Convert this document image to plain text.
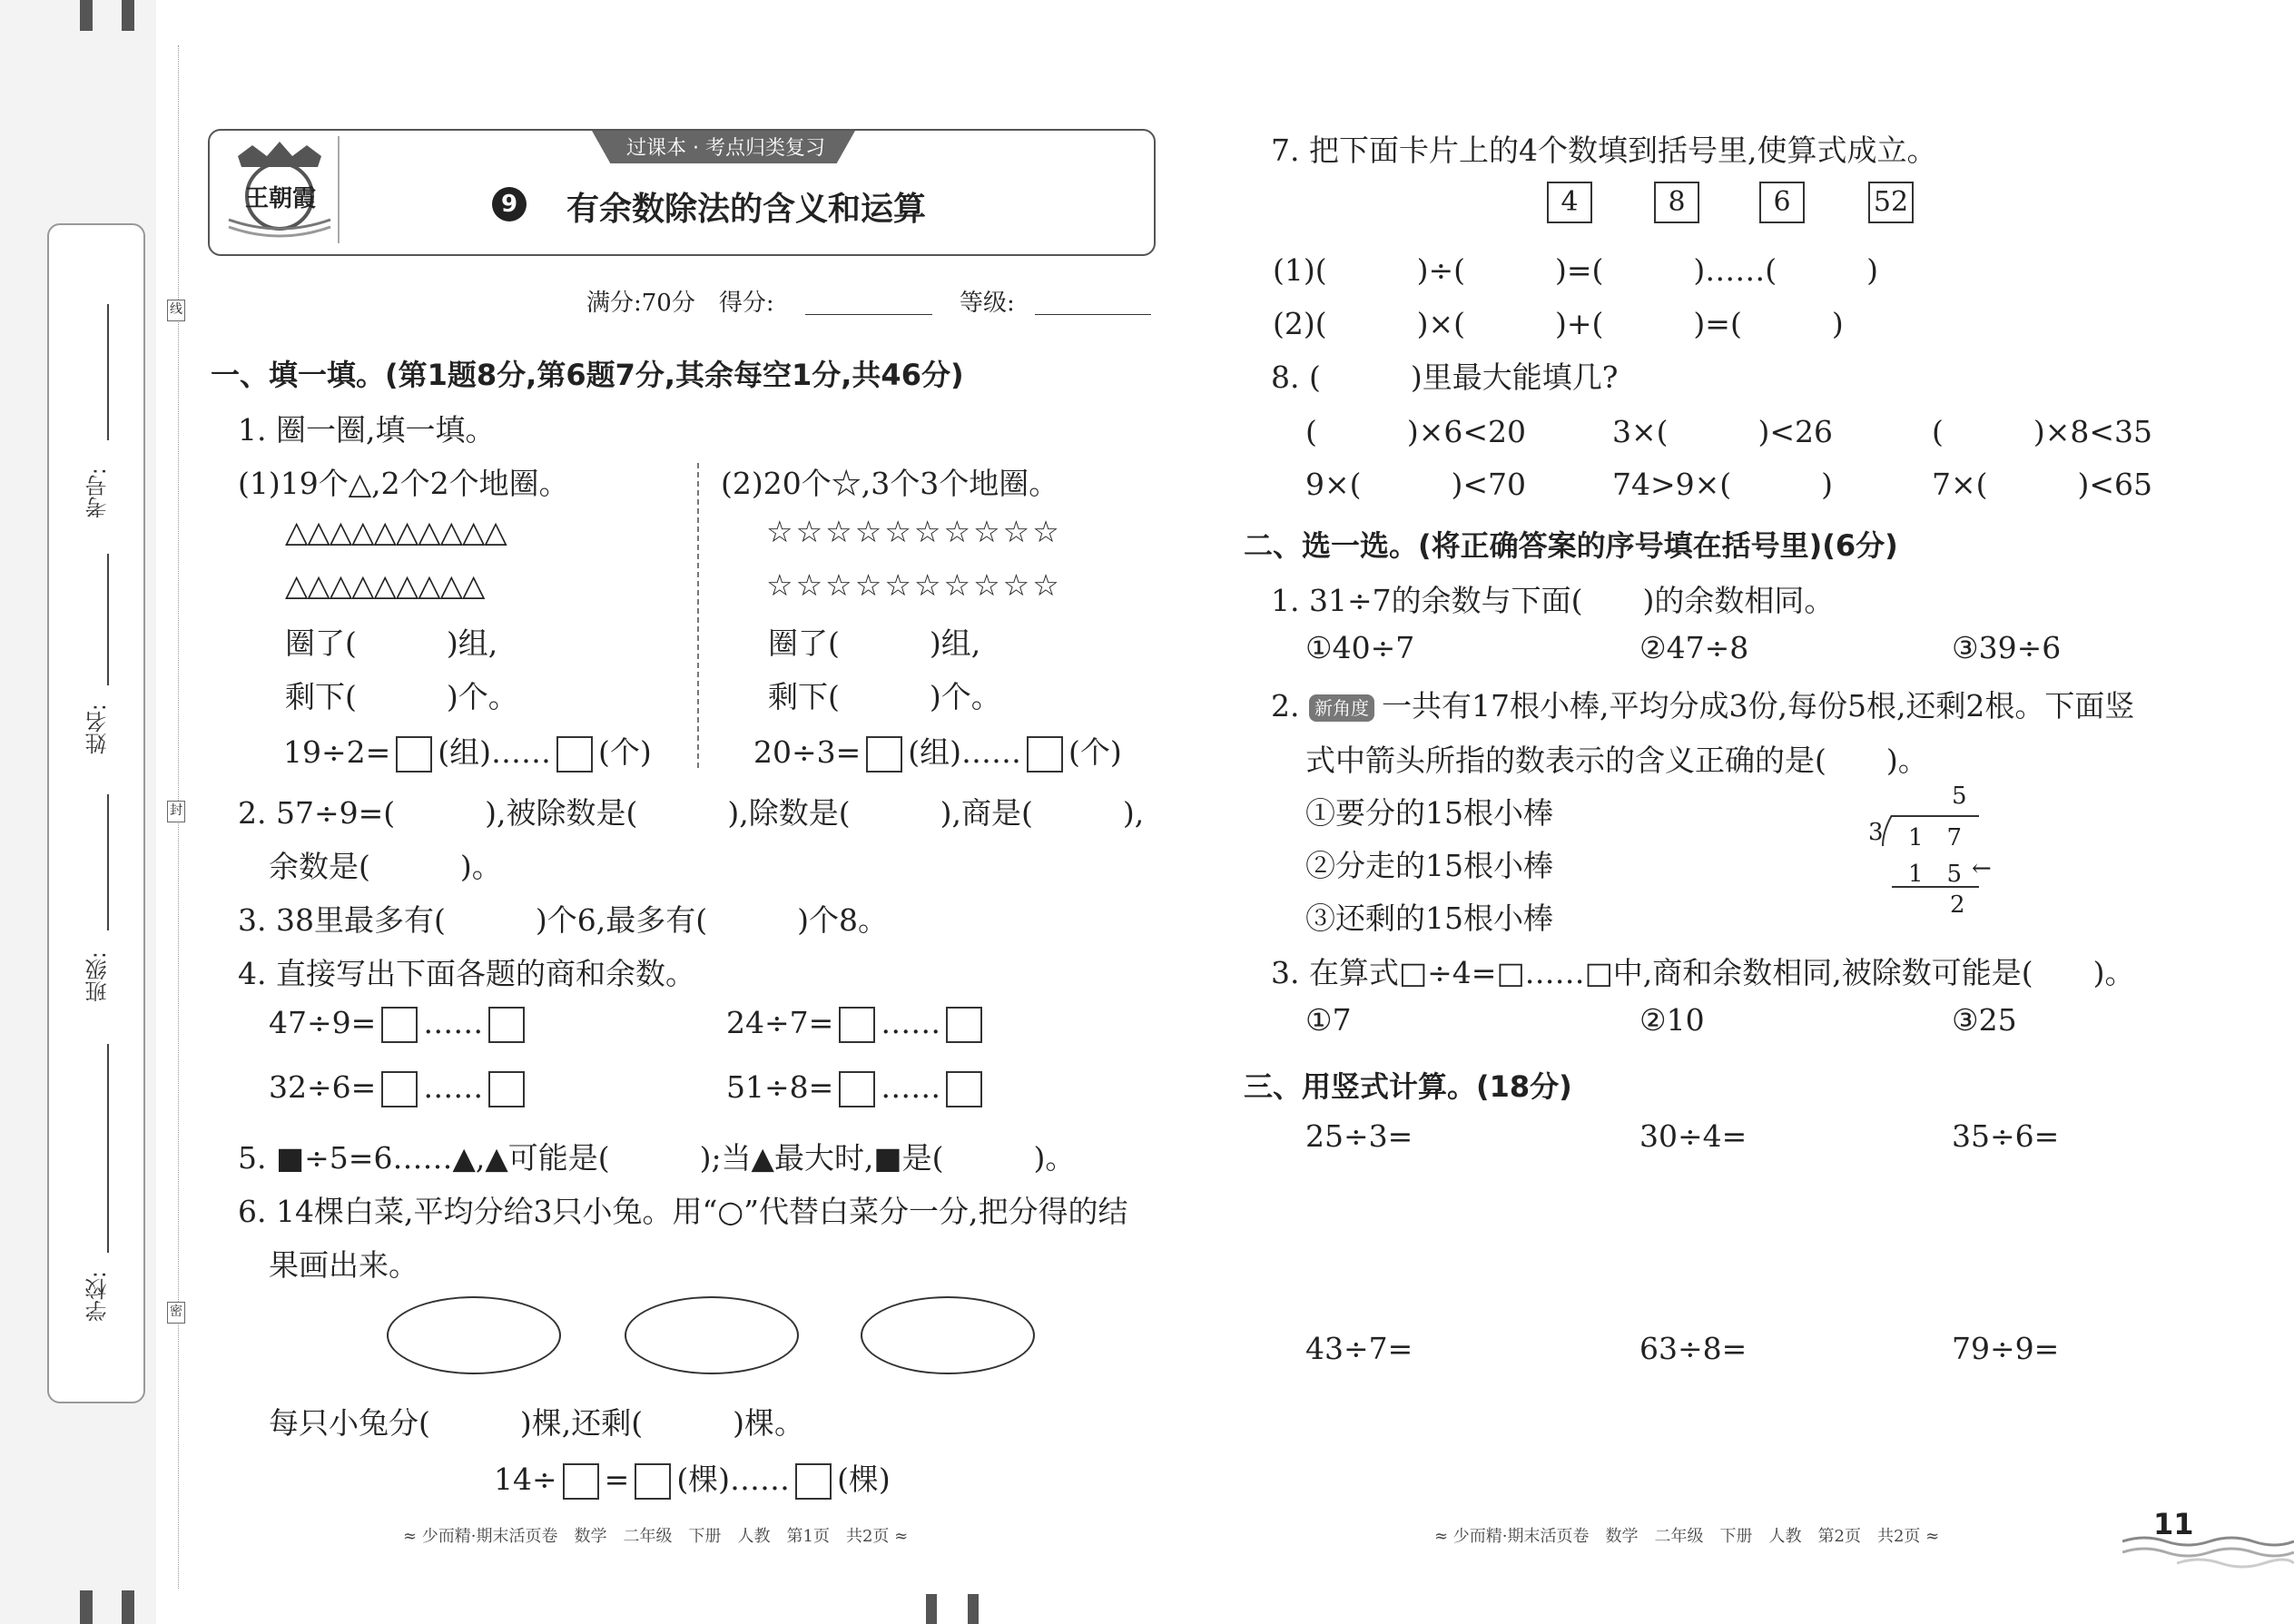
考号:
姓名:
班级:
学校:
线
封
密
王朝霞
过课本 · 考点归类复习
9 有余数除法的含义和运算
满分:70分　得分:	等级:
一、填一填。(第1题8分,第6题7分,其余每空1分,共46分)
1. 圈一圈,填一填。
(1)19个△,2个2个地圈。
△△△△△△△△△△
△△△△△△△△△
圈了(　　　)组,
剩下(　　　)个。
19÷2= (组)…… (个)
(2)20个☆,3个3个地圈。
☆☆☆☆☆☆☆☆☆☆
☆☆☆☆☆☆☆☆☆☆
圈了(　　　)组,
剩下(　　　)个。
20÷3= (组)…… (个)
2. 57÷9=(　　　),被除数是(　　　),除数是(　　　),商是(　　　),
余数是(　　　)。
3. 38里最多有(　　　)个6,最多有(　　　)个8。
4. 直接写出下面各题的商和余数。
47÷9= ……	24÷7= ……
32÷6= ……	51÷8= ……
5. ■÷5=6……▲,▲可能是(　　　);当▲最大时,■是(　　　)。
6. 14棵白菜,平均分给3只小兔。用“○”代替白菜分一分,把分得的结
果画出来。
每只小兔分(　　　)棵,还剩(　　　)棵。
14÷ = (棵)…… (棵)
≈ 少而精·期末活页卷　数学　二年级　下册　人教　第1页　共2页 ≈
7. 把下面卡片上的4个数填到括号里,使算式成立。
4	8	6	52
(1)(　　　)÷(　　　)=(　　　)……(　　　)
(2)(　　　)×(　　　)+(　　　)=(　　　)
8. (　　　)里最大能填几?
(　　　)×6<20	3×(　　　)<26	(　　　)×8<35
9×(　　　)<70	74>9×(　　　)	7×(　　　)<65
二、选一选。(将正确答案的序号填在括号里)(6分)
1. 31÷7的余数与下面(　　)的余数相同。
①40÷7	②47÷8	③39÷6
2. 新角度 一共有17根小棒,平均分成3份,每份5根,还剩2根。下面竖
式中箭头所指的数表示的含义正确的是(　　)。
①要分的15根小棒
②分走的15根小棒
③还剩的15根小棒
5
3 1　7
1　5 ←
2
3. 在算式□÷4=□……□中,商和余数相同,被除数可能是(　　)。
①7	②10	③25
三、用竖式计算。(18分)
25÷3=	30÷4=	35÷6=
43÷7=	63÷8=	79÷9=
≈ 少而精·期末活页卷　数学　二年级　下册　人教　第2页　共2页 ≈	11
